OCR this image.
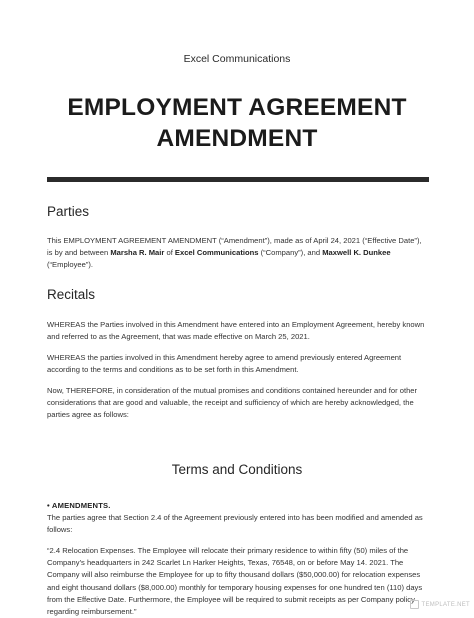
Excel Communications
EMPLOYMENT AGREEMENT
AMENDMENT
Parties

This EMPLOYMENT AGREEMENT AMENDMENT (“Amendment”), made as of April 24, 2021 (“Effective Date”),
is by and between Marsha R. Mair of Excel Communications (“Company”), and Maxwell K. Dunkee
(“Employee”).

Recitals

WHEREAS the Parties involved in this Amendment have entered into an Employment Agreement, hereby known and referred to as the Agreement, that was made effective on March 25, 2021.

WHEREAS the parties involved in this Amendment hereby agree to amend previously entered Agreement according to the terms and conditions as to be set forth in this Amendment.

Now, THEREFORE, in consideration of the mutual promises and conditions contained hereunder and for other considerations that are good and valuable, the receipt and sufficiency of which are hereby acknowledged, the parties agree as follows:

Terms and Conditions
• AMENDMENTS.

The parties agree that Section 2.4 of the Agreement previously entered into has been modified and amended as follows:

“2.4 Relocation Expenses. The Employee will relocate their primary residence to within fifty (50) miles of the Company’s headquarters in 242 Scarlet Ln Harker Heights, Texas, 76548, on or before May 14. 2021. The Company will also reimburse the Employee for up to fifty thousand dollars ($50,000.00) for relocation expenses and eight thousand dollars ($8,000.00) monthly for temporary housing expenses for one hundred ten (110) days from the Effective Date. Furthermore, the Employee will be required to submit receipts as per Company policy regarding reimbursement.”

TEMPLATE.NET
